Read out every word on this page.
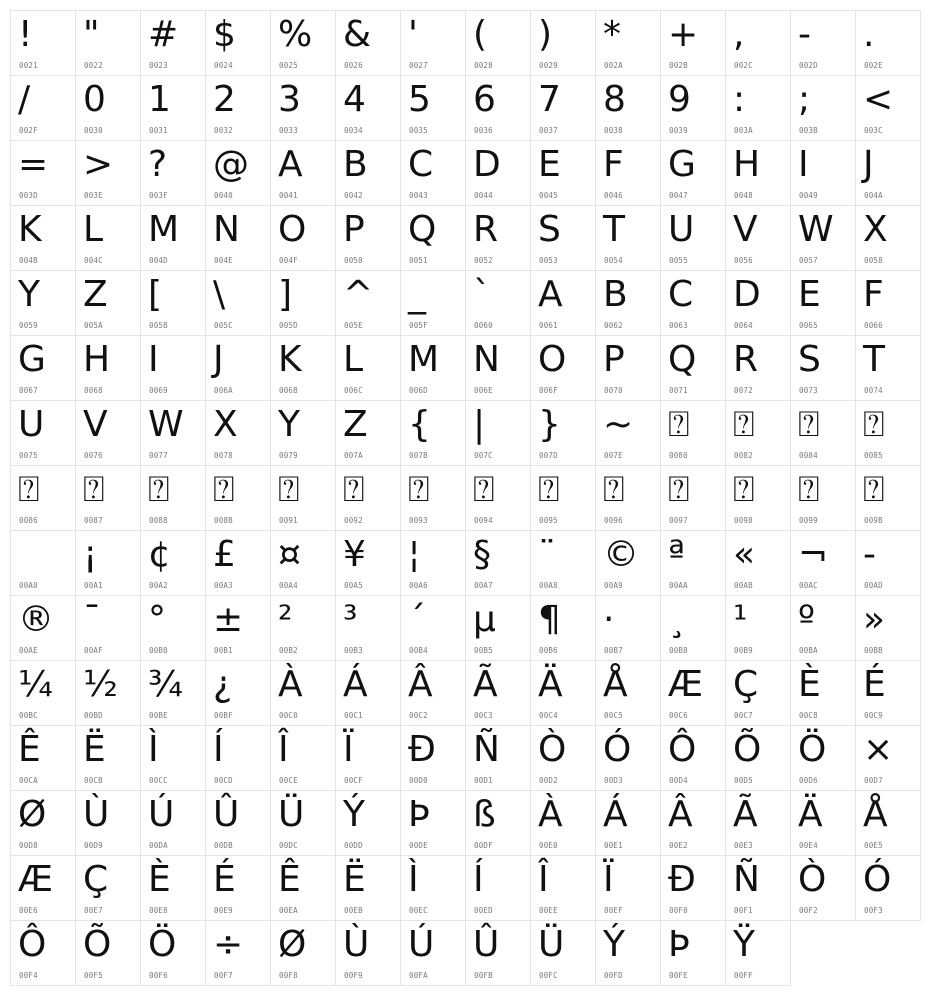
!
0021
"
0022
#
0023
$
0024
%
0025
&
0026
'
0027
(
0028
)
0029
*
002A
+
002B
,
002C
-
002D
.
002E
/
002F
0
0030
1
0031
2
0032
3
0033
4
0034
5
0035
6
0036
7
0037
8
0038
9
0039
:
003A
;
003B
<
003C
=
003D
>
003E
?
003F
@
0040
A
0041
B
0042
C
0043
D
0044
E
0045
F
0046
G
0047
H
0048
I
0049
J
004A
K
004B
L
004C
M
004D
N
004E
O
004F
P
0050
Q
0051
R
0052
S
0053
T
0054
U
0055
V
0056
W
0057
X
0058
Y
0059
Z
005A
[
005B
\
005C
]
005D
^
005E
_
005F
`
0060
A
0061
B
0062
C
0063
D
0064
E
0065
F
0066
G
0067
H
0068
I
0069
J
006A
K
006B
L
006C
M
006D
N
006E
O
006F
P
0070
Q
0071
R
0072
S
0073
T
0074
U
0075
V
0076
W
0077
X
0078
Y
0079
Z
007A
{
007B
|
007C
}
007D
~
007E
⍰
0080
⍰
0082
⍰
0084
⍰
0085
⍰
0086
⍰
0087
⍰
0088
⍰
008B
⍰
0091
⍰
0092
⍰
0093
⍰
0094
⍰
0095
⍰
0096
⍰
0097
⍰
0098
⍰
0099
⍰
009B

00A0
¡
00A1
¢
00A2
£
00A3
¤
00A4
¥
00A5
¦
00A6
§
00A7
¨
00A8
©
00A9
ª
00AA
«
00AB
¬
00AC
-
00AD
®
00AE
¯
00AF
°
00B0
±
00B1
²
00B2
³
00B3
´
00B4
µ
00B5
¶
00B6
·
00B7
¸
00B8
¹
00B9
º
00BA
»
00BB
¼
00BC
½
00BD
¾
00BE
¿
00BF
À
00C0
Á
00C1
Â
00C2
Ã
00C3
Ä
00C4
Å
00C5
Æ
00C6
Ç
00C7
È
00C8
É
00C9
Ê
00CA
Ë
00CB
Ì
00CC
Í
00CD
Î
00CE
Ï
00CF
Ð
00D0
Ñ
00D1
Ò
00D2
Ó
00D3
Ô
00D4
Õ
00D5
Ö
00D6
×
00D7
Ø
00D8
Ù
00D9
Ú
00DA
Û
00DB
Ü
00DC
Ý
00DD
Þ
00DE
ß
00DF
À
00E0
Á
00E1
Â
00E2
Ã
00E3
Ä
00E4
Å
00E5
Æ
00E6
Ç
00E7
È
00E8
É
00E9
Ê
00EA
Ë
00EB
Ì
00EC
Í
00ED
Î
00EE
Ï
00EF
Ð
00F0
Ñ
00F1
Ò
00F2
Ó
00F3
Ô
00F4
Õ
00F5
Ö
00F6
÷
00F7
Ø
00F8
Ù
00F9
Ú
00FA
Û
00FB
Ü
00FC
Ý
00FD
Þ
00FE
Ÿ
00FF
